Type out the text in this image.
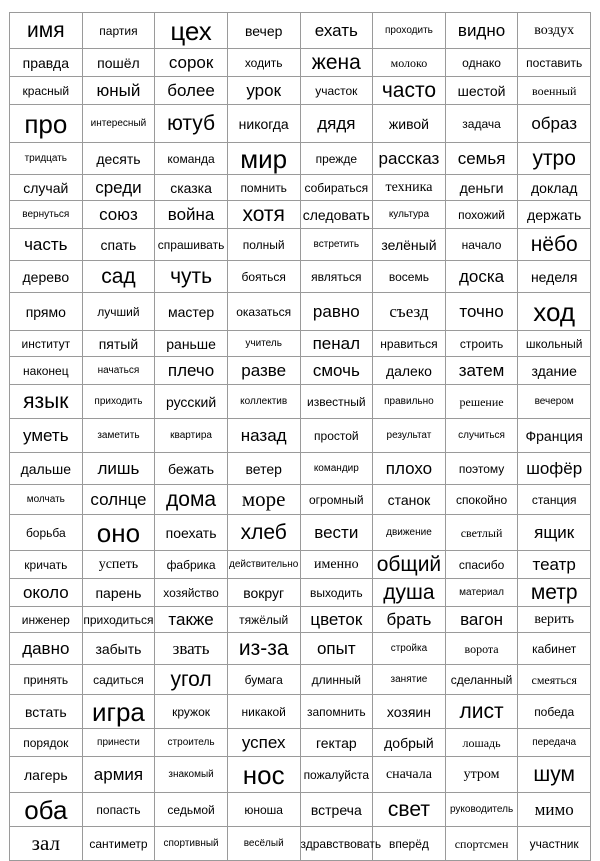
имя	партия	цех	вечер	ехать	проходить	видно	воздух
правда	пошёл	сорок	ходить	жена	молоко	однако	поставить
красный	юный	более	урок	участок	часто	шестой	военный
про	интересный	ютуб	никогда	дядя	живой	задача	образ
тридцать	десять	команда	мир	прежде	рассказ	семья	утро
случай	среди	сказка	помнить	собираться	техника	деньги	доклад
вернуться	союз	война	хотя	следовать	культура	похожий	держать
часть	спать	спрашивать	полный	встретить	зелёный	начало	нёбо
дерево	сад	чуть	бояться	являться	восемь	доска	неделя
прямо	лучший	мастер	оказаться	равно	съезд	точно	ход
институт	пятый	раньше	учитель	пенал	нравиться	строить	школьный
наконец	начаться	плечо	разве	смочь	далеко	затем	здание
язык	приходить	русский	коллектив	известный	правильно	решение	вечером
уметь	заметить	квартира	назад	простой	результат	случиться	Франция
дальше	лишь	бежать	ветер	командир	плохо	поэтому	шофёр
молчать	солнце	дома	море	огромный	станок	спокойно	станция
борьба	оно	поехать	хлеб	вести	движение	светлый	ящик
кричать	успеть	фабрика	действительно	именно	общий	спасибо	театр
около	парень	хозяйство	вокруг	выходить	душа	материал	метр
инженер	приходиться	также	тяжёлый	цветок	брать	вагон	верить
давно	забыть	звать	из-за	опыт	стройка	ворота	кабинет
принять	садиться	угол	бумага	длинный	занятие	сделанный	смеяться
встать	игра	кружок	никакой	запомнить	хозяин	лист	победа
порядок	принести	строитель	успех	гектар	добрый	лошадь	передача
лагерь	армия	знакомый	нос	пожалуйста	сначала	утром	шум
оба	попасть	седьмой	юноша	встреча	свет	руководитель	мимо
зал	сантиметр	спортивный	весёлый	здравствовать	вперёд	спортсмен	участник
